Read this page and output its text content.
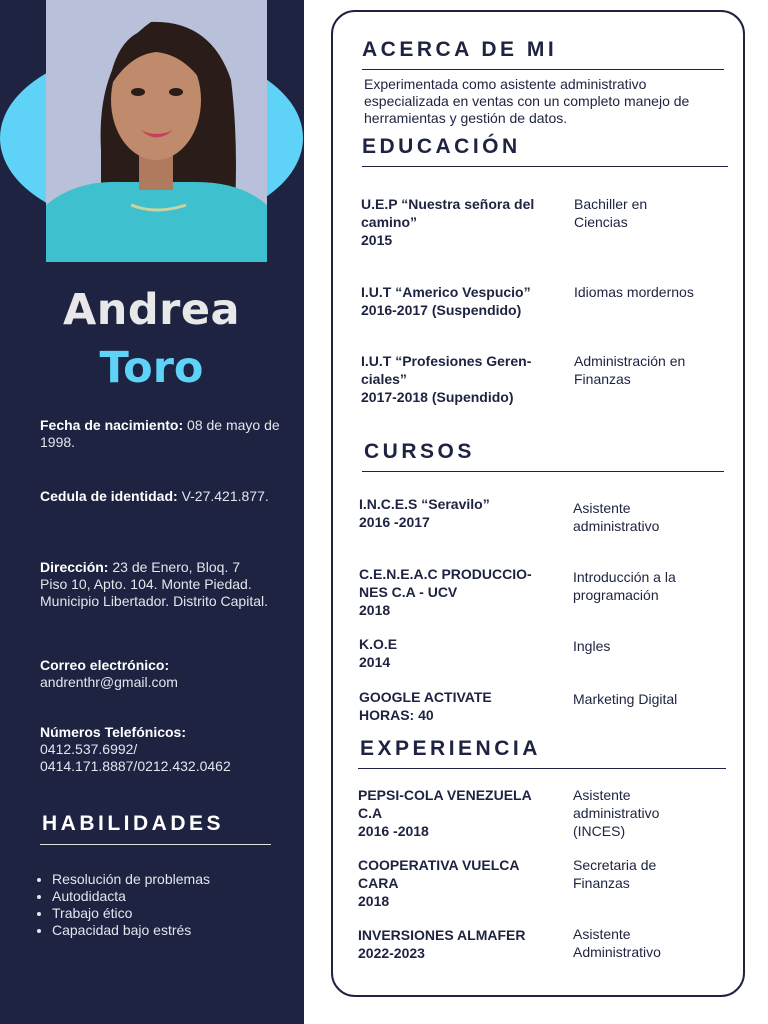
Andrea
Toro
Fecha de nacimiento: 08 de mayo de 1998.
Cedula de identidad: V-27.421.877.
Dirección: 23 de Enero, Bloq. 7 Piso 10, Apto. 104. Monte Piedad. Municipio Libertador. Distrito Capital.
Correo electrónico:
andrenthr@gmail.com
Números Telefónicos:
0412.537.6992/
0414.171.8887/0212.432.0462
HABILIDADES
• Resolución de problemas
• Autodidacta
• Trabajo ético
• Capacidad bajo estrés
ACERCA DE MI
Experimentada como asistente administrativo especializada en ventas con un completo manejo de herramientas y gestión de datos.
EDUCACIÓN
U.E.P “Nuestra señora del
camino”
2015
Bachiller en
Ciencias
I.U.T “Americo Vespucio”
2016-2017 (Suspendido)
Idiomas mordernos
I.U.T “Profesiones Geren-
ciales”
2017-2018 (Supendido)
Administración en
Finanzas
CURSOS
I.N.C.E.S “Seravilo”
2016 -2017
Asistente
administrativo
C.E.N.E.A.C PRODUCCIO-
NES C.A - UCV
2018
Introducción a la
programación
K.O.E
2014
Ingles
GOOGLE ACTIVATE
HORAS: 40
Marketing Digital
EXPERIENCIA
PEPSI-COLA VENEZUELA
C.A
2016 -2018
Asistente
administrativo
(INCES)
COOPERATIVA VUELCA
CARA
2018
Secretaria de
Finanzas
INVERSIONES ALMAFER
2022-2023
Asistente
Administrativo
